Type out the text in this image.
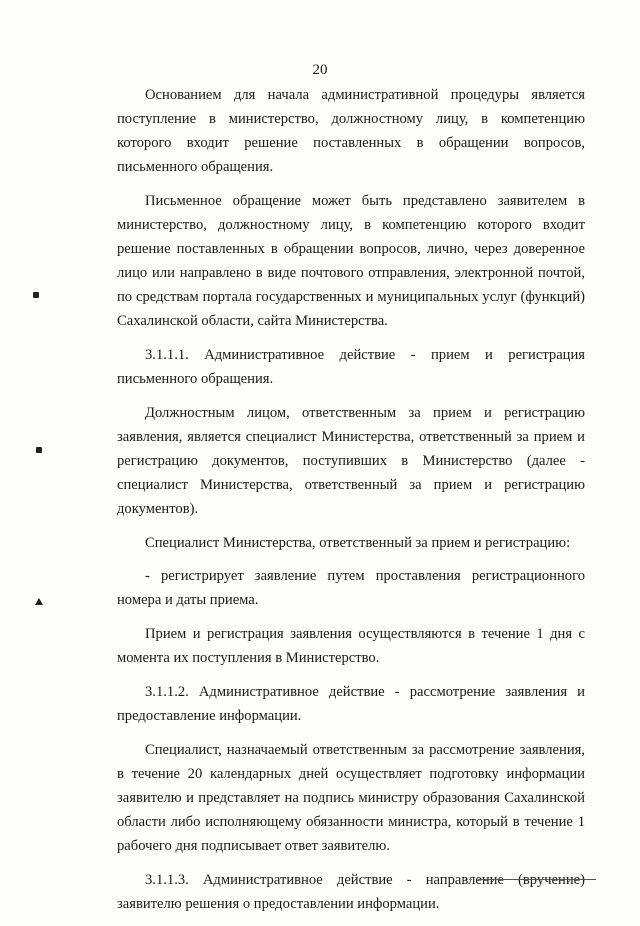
20

Основанием для начала административной процедуры является поступление в министерство, должностному лицу, в компетенцию которого входит решение поставленных в обращении вопросов, письменного обращения.

Письменное обращение может быть представлено заявителем в министерство, должностному лицу, в компетенцию которого входит решение поставленных в обращении вопросов, лично, через доверенное лицо или направлено в виде почтового отправления, электронной почтой, по средствам портала государственных и муниципальных услуг (функций) Сахалинской области, сайта Министерства.

3.1.1.1. Административное действие - прием и регистрация письменного обращения.

Должностным лицом, ответственным за прием и регистрацию заявления, является специалист Министерства, ответственный за прием и регистрацию документов, поступивших в Министерство (далее - специалист Министерства, ответственный за прием и регистрацию документов).

Специалист Министерства, ответственный за прием и регистрацию:

- регистрирует заявление путем проставления регистрационного номера и даты приема.

Прием и регистрация заявления осуществляются в течение 1 дня с момента их поступления в Министерство.

3.1.1.2. Административное действие - рассмотрение заявления и предоставление информации.

Специалист, назначаемый ответственным за рассмотрение заявления, в течение 20 календарных дней осуществляет подготовку информации заявителю и представляет на подпись министру образования Сахалинской области либо исполняющему обязанности министра, который в течение 1 рабочего дня подписывает ответ заявителю.

3.1.1.3. Административное действие - направление (вручение) заявителю решения о предоставлении информации.
